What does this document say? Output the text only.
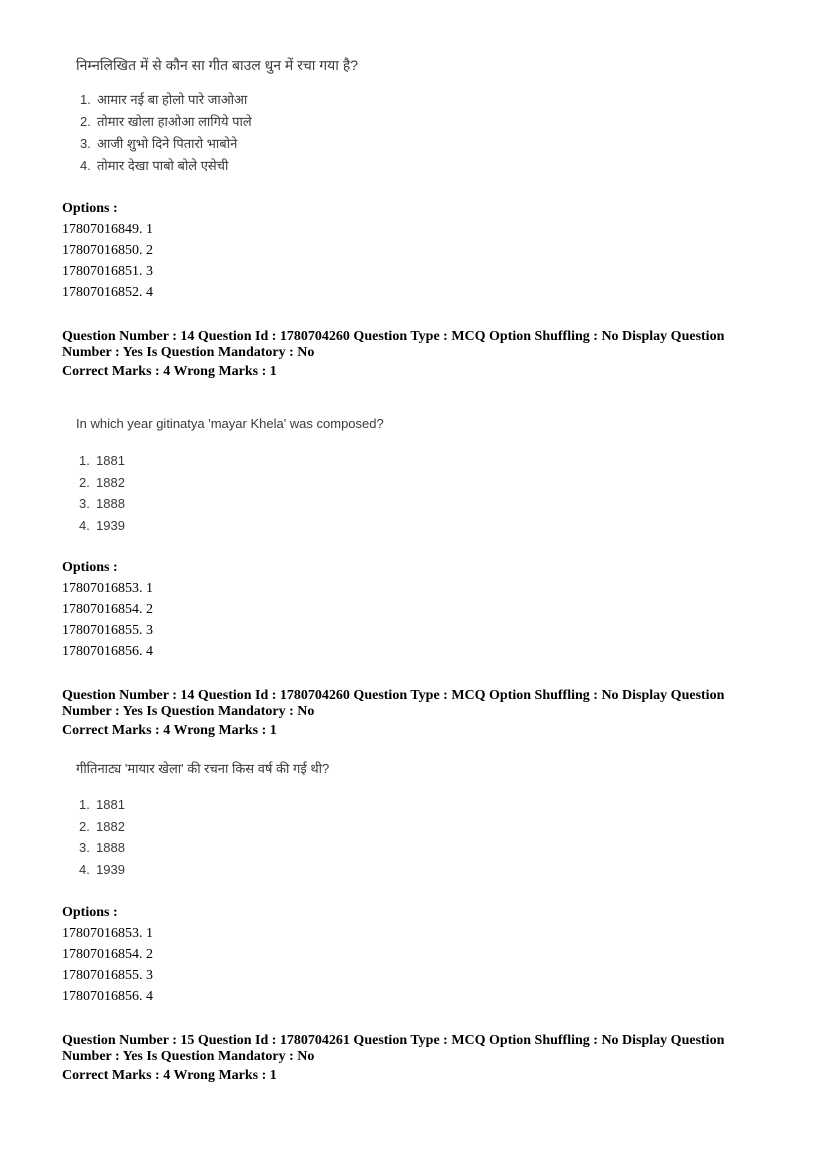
निम्नलिखित में से कौन सा गीत बाउल धुन में रचा गया है?

1. आमार नई बा होलो पारे जाओआ
2. तोमार खोला हाओआ लागिये पाले
3. आजी शुभो दिने पितारो भाबोने
4. तोमार देखा पाबो बोले एसेची
Options :
17807016849. 1
17807016850. 2
17807016851. 3
17807016852. 4
Question Number : 14 Question Id : 1780704260 Question Type : MCQ Option Shuffling : No Display Question Number : Yes Is Question Mandatory : No
Correct Marks : 4 Wrong Marks : 1

In which year gitinatya 'mayar Khela' was composed?

1. 1881
2. 1882
3. 1888
4. 1939
Options :
17807016853. 1
17807016854. 2
17807016855. 3
17807016856. 4
Question Number : 14 Question Id : 1780704260 Question Type : MCQ Option Shuffling : No Display Question Number : Yes Is Question Mandatory : No
Correct Marks : 4 Wrong Marks : 1

गीतिनाट्य 'मायार खेला' की रचना किस वर्ष की गई थी?

1. 1881
2. 1882
3. 1888
4. 1939
Options :
17807016853. 1
17807016854. 2
17807016855. 3
17807016856. 4
Question Number : 15 Question Id : 1780704261 Question Type : MCQ Option Shuffling : No Display Question Number : Yes Is Question Mandatory : No
Correct Marks : 4 Wrong Marks : 1
